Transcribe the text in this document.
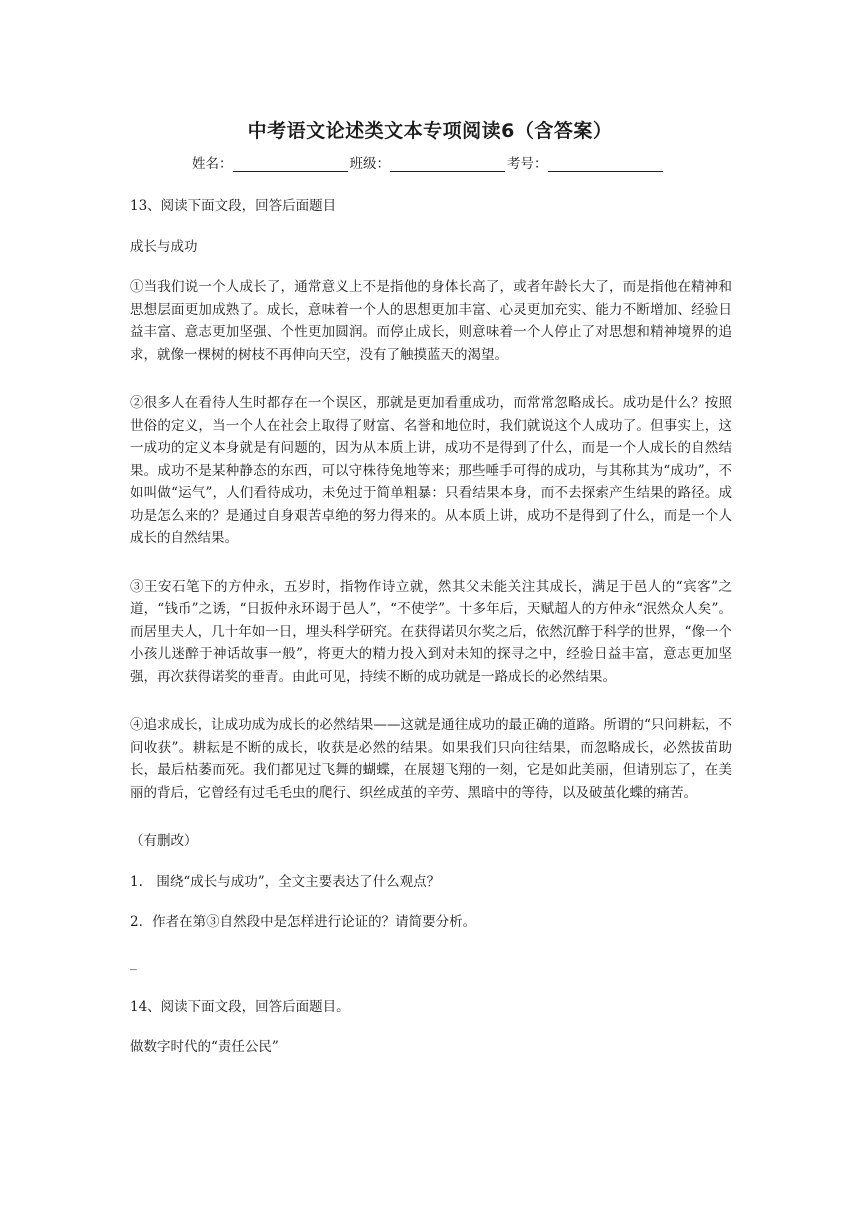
中考语文论述类文本专项阅读6（含答案）
姓名：	班级：	考号：

13、阅读下面文段，回答后面题目

成长与成功

①当我们说一个人成长了，通常意义上不是指他的身体长高了，或者年龄长大了，而是指他在精神和思想层面更加成熟了。成长，意味着一个人的思想更加丰富、心灵更加充实、能力不断增加、经验日益丰富、意志更加坚强、个性更加圆润。而停止成长，则意味着一个人停止了对思想和精神境界的追求，就像一棵树的树枝不再伸向天空，没有了触摸蓝天的渴望。

②很多人在看待人生时都存在一个误区，那就是更加看重成功，而常常忽略成长。成功是什么？按照世俗的定义，当一个人在社会上取得了财富、名誉和地位时，我们就说这个人成功了。但事实上，这一成功的定义本身就是有问题的，因为从本质上讲，成功不是得到了什么，而是一个人成长的自然结果。成功不是某种静态的东西，可以守株待兔地等来；那些唾手可得的成功，与其称其为“成功”，不如叫做“运气”，人们看待成功，未免过于简单粗暴：只看结果本身，而不去探索产生结果的路径。成功是怎么来的？是通过自身艰苦卓绝的努力得来的。从本质上讲，成功不是得到了什么，而是一个人成长的自然结果。

③王安石笔下的方仲永，五岁时，指物作诗立就，然其父未能关注其成长，满足于邑人的“宾客”之道，“钱币”之诱，“日扳仲永环谒于邑人”，“不使学”。十多年后，天赋超人的方仲永“泯然众人矣”。而居里夫人，几十年如一日，埋头科学研究。在获得诺贝尔奖之后，依然沉醉于科学的世界，“像一个小孩儿迷醉于神话故事一般”，将更大的精力投入到对未知的探寻之中，经验日益丰富，意志更加坚强，再次获得诺奖的垂青。由此可见，持续不断的成功就是一路成长的必然结果。

④追求成长，让成功成为成长的必然结果——这就是通往成功的最正确的道路。所谓的“只问耕耘，不问收获”。耕耘是不断的成长，收获是必然的结果。如果我们只向往结果，而忽略成长，必然拔苗助长，最后枯萎而死。我们都见过飞舞的蝴蝶，在展翅飞翔的一刻，它是如此美丽，但请别忘了，在美丽的背后，它曾经有过毛毛虫的爬行、织丝成茧的辛劳、黑暗中的等待，以及破茧化蝶的痛苦。

（有删改）

1.　围绕“成长与成功”，全文主要表达了什么观点？

2．作者在第③自然段中是怎样进行论证的？请简要分析。

_

14、阅读下面文段，回答后面题目。

做数字时代的“责任公民”
